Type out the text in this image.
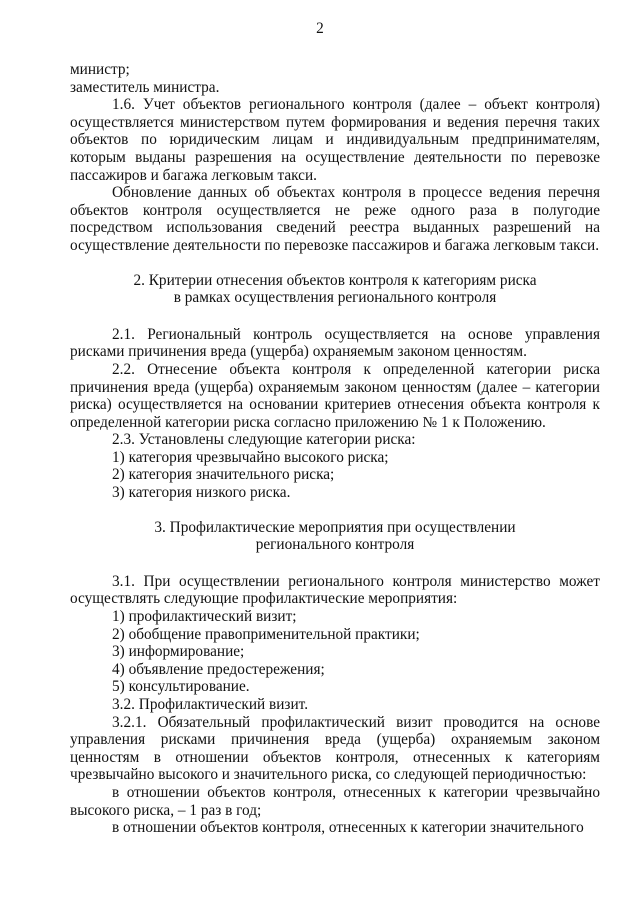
2

министр;

заместитель министра.

1.6. Учет объектов регионального контроля (далее – объект контроля) осуществляется министерством путем формирования и ведения перечня таких объектов по юридическим лицам и индивидуальным предпринимателям, которым выданы разрешения на осуществление деятельности по перевозке пассажиров и багажа легковым такси.

Обновление данных об объектах контроля в процессе ведения перечня объектов контроля осуществляется не реже одного раза в полугодие посредством использования сведений реестра выданных разрешений на осуществление деятельности по перевозке пассажиров и багажа легковым такси.

2. Критерии отнесения объектов контроля к категориям риска
в рамках осуществления регионального контроля

2.1. Региональный контроль осуществляется на основе управления рисками причинения вреда (ущерба) охраняемым законом ценностям.

2.2. Отнесение объекта контроля к определенной категории риска причинения вреда (ущерба) охраняемым законом ценностям (далее – категории риска) осуществляется на основании критериев отнесения объекта контроля к определенной категории риска согласно приложению № 1 к Положению.

2.3. Установлены следующие категории риска:

1) категория чрезвычайно высокого риска;

2) категория значительного риска;

3) категория низкого риска.

3. Профилактические мероприятия при осуществлении
регионального контроля

3.1. При осуществлении регионального контроля министерство может осуществлять следующие профилактические мероприятия:

1) профилактический визит;

2) обобщение правоприменительной практики;

3) информирование;

4) объявление предостережения;

5) консультирование.

3.2. Профилактический визит.

3.2.1. Обязательный профилактический визит проводится на основе управления рисками причинения вреда (ущерба) охраняемым законом ценностям в отношении объектов контроля, отнесенных к категориям чрезвычайно высокого и значительного риска, со следующей периодичностью:

в отношении объектов контроля, отнесенных к категории чрезвычайно высокого риска, – 1 раз в год;

в отношении объектов контроля, отнесенных к категории значительного
